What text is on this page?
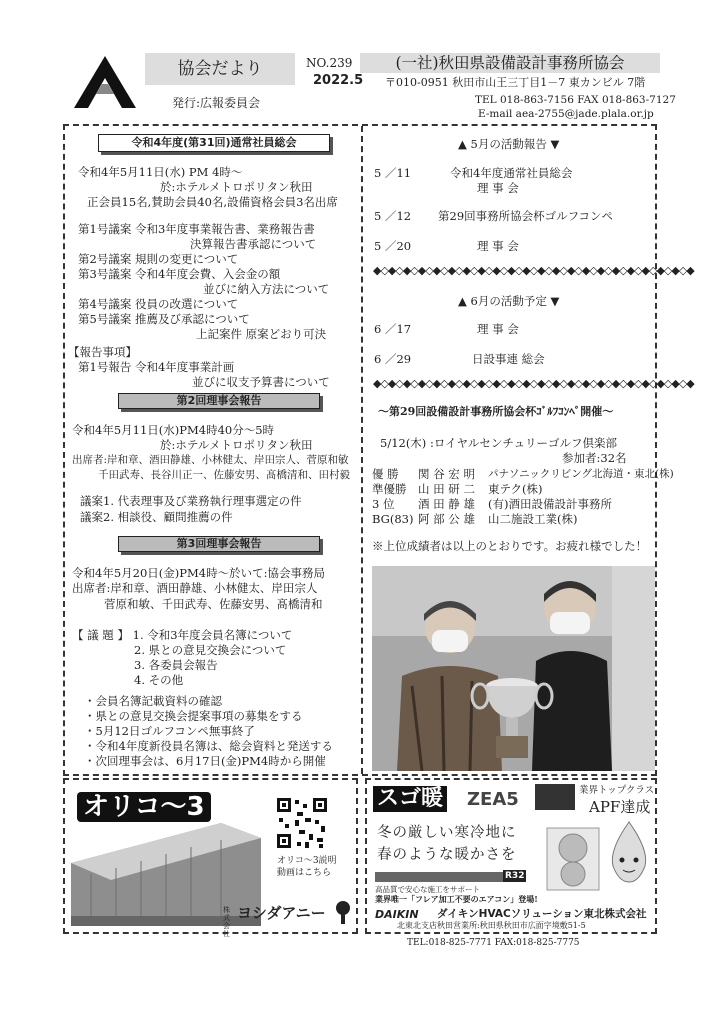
協会だより	NO.239
2022.5
(一社)秋田県設備設計事務所協会
〒010-0951 秋田市山王三丁目1－7 東カンビル 7階
TEL 018-863-7156 FAX 018-863-7127
E-mail aea-2755@jade.plala.or.jp
発行:広報委員会
令和4年度(第31回)通常社員総会
令和4年5月11日(水) PM 4時～
於:ホテルメトロポリタン秋田
正会員15名,賛助会員40名,設備資格会員3名出席
第1号議案 令和3年度事業報告書、業務報告書
決算報告書承認について
第2号議案 規則の変更について
第3号議案 令和4年度会費、入会金の額
並びに納入方法について
第4号議案 役員の改選について
第5号議案 推薦及び承認について
上記案件 原案どおり可決
【報告事項】
第1号報告 令和4年度事業計画
並びに収支予算書について
第2回理事会報告
令和4年5月11日(水)PM4時40分～5時
於:ホテルメトロポリタン秋田
出席者:岸和章、酒田静雄、小林健太、岸田宗人、菅原和敏
千田武寿、長谷川正一、佐藤安男、髙橋清和、田村毅
議案1. 代表理事及び業務執行理事選定の件
議案2. 相談役、顧問推薦の件
第3回理事会報告
令和4年5月20日(金)PM4時～於いて:協会事務局
出席者:岸和章、酒田静雄、小林健太、岸田宗人
菅原和敏、千田武寿、佐藤安男、髙橋清和
【 議 題 】 1. 令和3年度会員名簿について
2. 県との意見交換会について
3. 各委員会報告
4. その他
・会員名簿記載資料の確認
・県との意見交換会提案事項の募集をする
・5月12日ゴルフコンペ無事終了
・令和4年度新役員名簿は、総会資料と発送する
・次回理事会は、6月17日(金)PM4時から開催
▲ 5月の活動報告 ▼
5 ／11	令和4年度通常社員総会
理 事 会
5 ／12 第29回事務所協会杯ゴルフコンペ
5 ／20	理 事 会
◆◇◆◇◆◇◆◇◆◇◆◇◆◇◆◇◆◇◆◇◆◇◆◇◆◇◆◇◆◇◆◇◆◇◆◇◆◇◆◇◆◇◆
▲ 6月の活動予定 ▼
6 ／17	理 事 会
6 ／29	日設事連 総会
◆◇◆◇◆◇◆◇◆◇◆◇◆◇◆◇◆◇◆◇◆◇◆◇◆◇◆◇◆◇◆◇◆◇◆◇◆◇◆◇◆◇◆
～第29回設備設計事務所協会杯ｺﾞﾙﾌｺﾝﾍﾟ開催～
5/12(木) :ロイヤルセンチュリーゴルフ倶楽部
参加者:32名
優 勝 関 谷 宏 明 パナソニックリビング北海道・東北(株)
準優勝 山 田 研 二 東テク(株)
3 位 酒 田 静 雄 (有)酒田設備設計事務所
BG(83) 阿 部 公 雄 山二施設工業(株)
※上位成績者は以上のとおりです。お疲れ様でした！
オリコ～3
オリコ～3説明
動画はこちら
株式会社
ヨシダアニー
スゴ暖 ZEA5	業界トップクラス
APF達成
冬の厳しい寒冷地に
春のような暖かさを
R32
高品質で安心な施工をサポート
業界唯一「フレア加工不要のエアコン」登場!
DAIKIN ダイキンHVACソリューション東北株式会社
北東北支店秋田営業所:秋田県秋田市広面字境敷51-5
TEL:018-825-7771 FAX:018-825-7775
